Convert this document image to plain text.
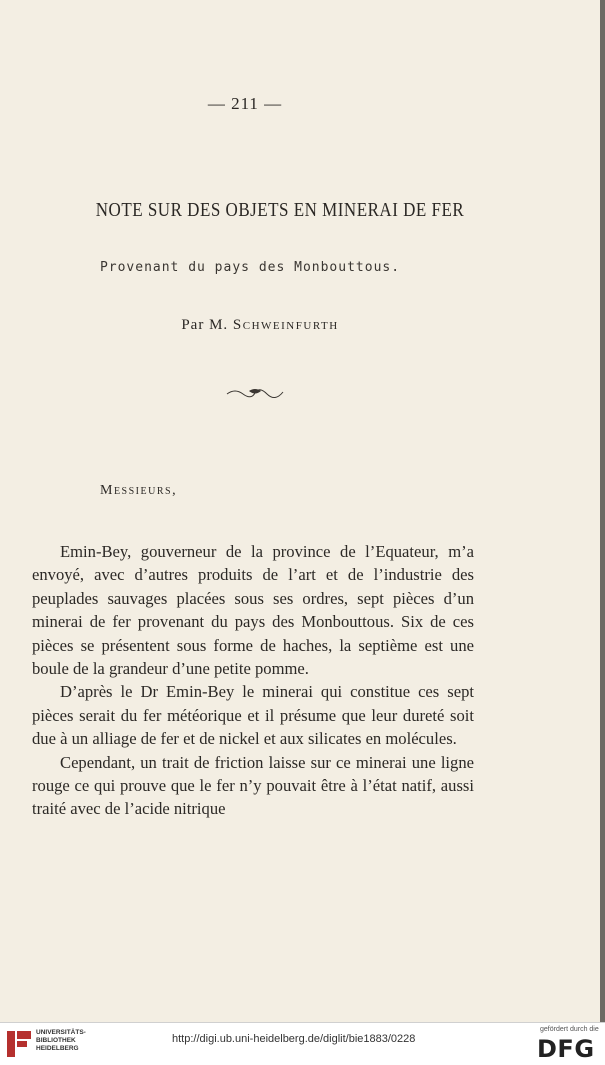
— 211 —
NOTE SUR DES OBJETS EN MINERAI DE FER
Provenant du pays des Monbouttous.
Par M. Schweinfurth
Messieurs,

Emin-Bey, gouverneur de la province de l’Equateur, m’a envoyé, avec d’autres produits de l’art et de l’industrie des peuplades sauvages placées sous ses ordres, sept pièces d’un minerai de fer provenant du pays des Monbouttous. Six de ces pièces se présentent sous forme de haches, la septième est une boule de la grandeur d’une petite pomme.

D’après le Dr Emin-Bey le minerai qui constitue ces sept pièces serait du fer météorique et il présume que leur dureté soit due à un alliage de fer et de nickel et aux silicates en molécules.

Cependant, un trait de friction laisse sur ce minerai une ligne rouge ce qui prouve que le fer n’y pouvait être à l’état natif, aussi traité avec de l’acide nitrique

UNIVERSITÄTS-
BIBLIOTHEK
HEIDELBERG
http://digi.ub.uni-heidelberg.de/diglit/bie1883/0228
gefördert durch die
DFG
